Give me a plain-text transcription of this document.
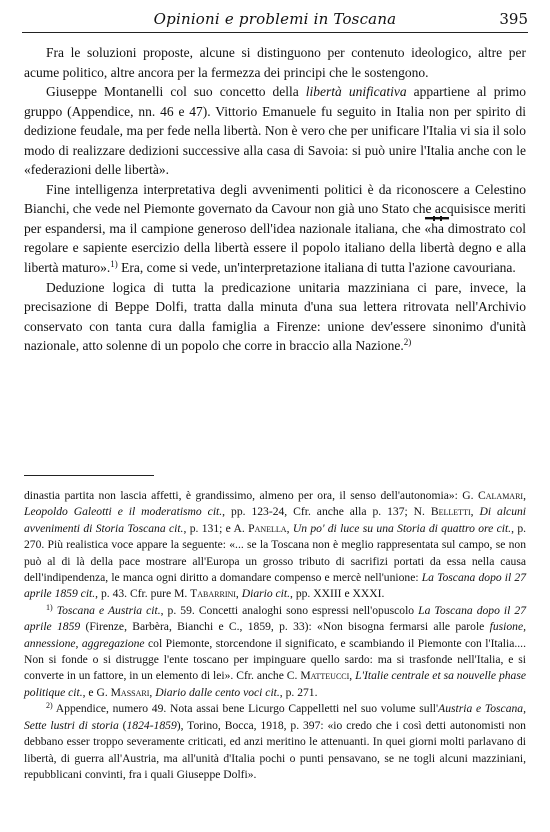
Opinioni e problemi in Toscana	395

Fra le soluzioni proposte, alcune si distinguono per contenuto ideologico, altre per acume politico, altre ancora per la fermezza dei principi che le sostengono.

Giuseppe Montanelli col suo concetto della libertà unificativa appartiene al primo gruppo (Appendice, nn. 46 e 47). Vittorio Emanuele fu seguito in Italia non per spirito di dedizione feudale, ma per fede nella libertà. Non è vero che per unificare l'Italia vi sia il solo modo di realizzare dedizioni successive alla casa di Savoia: si può unire l'Italia anche con le «federazioni delle libertà».

Fine intelligenza interpretativa degli avvenimenti politici è da riconoscere a Celestino Bianchi, che vede nel Piemonte governato da Cavour non già uno Stato che acquisisce meriti per espandersi, ma il campione generoso dell'idea nazionale italiana, che «ha dimostrato col regolare e sapiente esercizio della libertà essere il popolo italiano della libertà degno e alla libertà maturo».$^{1)}$ Era, come si vede, un'interpretazione italiana di tutta l'azione cavouriana.

Deduzione logica di tutta la predicazione unitaria mazziniana ci pare, invece, la precisazione di Beppe Dolfi, tratta dalla minuta d'una sua lettera ritrovata nell'Archivio conservato con tanta cura dalla famiglia a Firenze: unione dev'essere sinonimo d'unità nazionale, atto solenne di un popolo che corre in braccio alla Nazione.$^{2)}$

dinastia partita non lascia affetti, è grandissimo, almeno per ora, il senso dell'autonomia»: G. Calamari, Leopoldo Galeotti e il moderatismo cit., pp. 123-24, Cfr. anche alla p. 137; N. Belletti, Di alcuni avvenimenti di Storia Toscana cit., p. 131; e A. Panella, Un po' di luce su una Storia di quattro ore cit., p. 270. Più realistica voce appare la seguente: «... se la Toscana non è meglio rappresentata sul campo, se non può al di là della pace mostrare all'Europa un grosso tributo di sacrifizi portati da essa nella causa dell'indipendenza, le manca ogni diritto a domandare compenso e mercè nell'unione: La Toscana dopo il 27 aprile 1859 cit., p. 43. Cfr. pure M. Tabarrini, Diario cit., pp. XXIII e XXXI.

$^{1)}$ Toscana e Austria cit., p. 59. Concetti analoghi sono espressi nell'opuscolo La Toscana dopo il 27 aprile 1859 (Firenze, Barbèra, Bianchi e C., 1859, p. 33): «Non bisogna fermarsi alle parole fusione, annessione, aggregazione col Piemonte, storcendone il significato, e scambiando il Piemonte con l'Italia.... Non si fonde o si distrugge l'ente toscano per impinguare quello sardo: ma si trasfonde nell'Italia, e si converte in un fattore, in un elemento di lei». Cfr. anche C. Matteucci, L'Italie centrale et sa nouvelle phase politique cit., e G. Massari, Diario dalle cento voci cit., p. 271.

$^{2)}$ Appendice, numero 49. Nota assai bene Licurgo Cappelletti nel suo volume sull'Austria e Toscana, Sette lustri di storia (1824-1859), Torino, Bocca, 1918, p. 397: «io credo che i così detti autonomisti non debbano esser troppo severamente criticati, ed anzi meritino le attenuanti. In quei giorni molti parlavano di libertà, di guerra all'Austria, ma all'unità d'Italia pochi o punti pensavano, se ne togli alcuni mazziniani, repubblicani convinti, fra i quali Giuseppe Dolfi».
